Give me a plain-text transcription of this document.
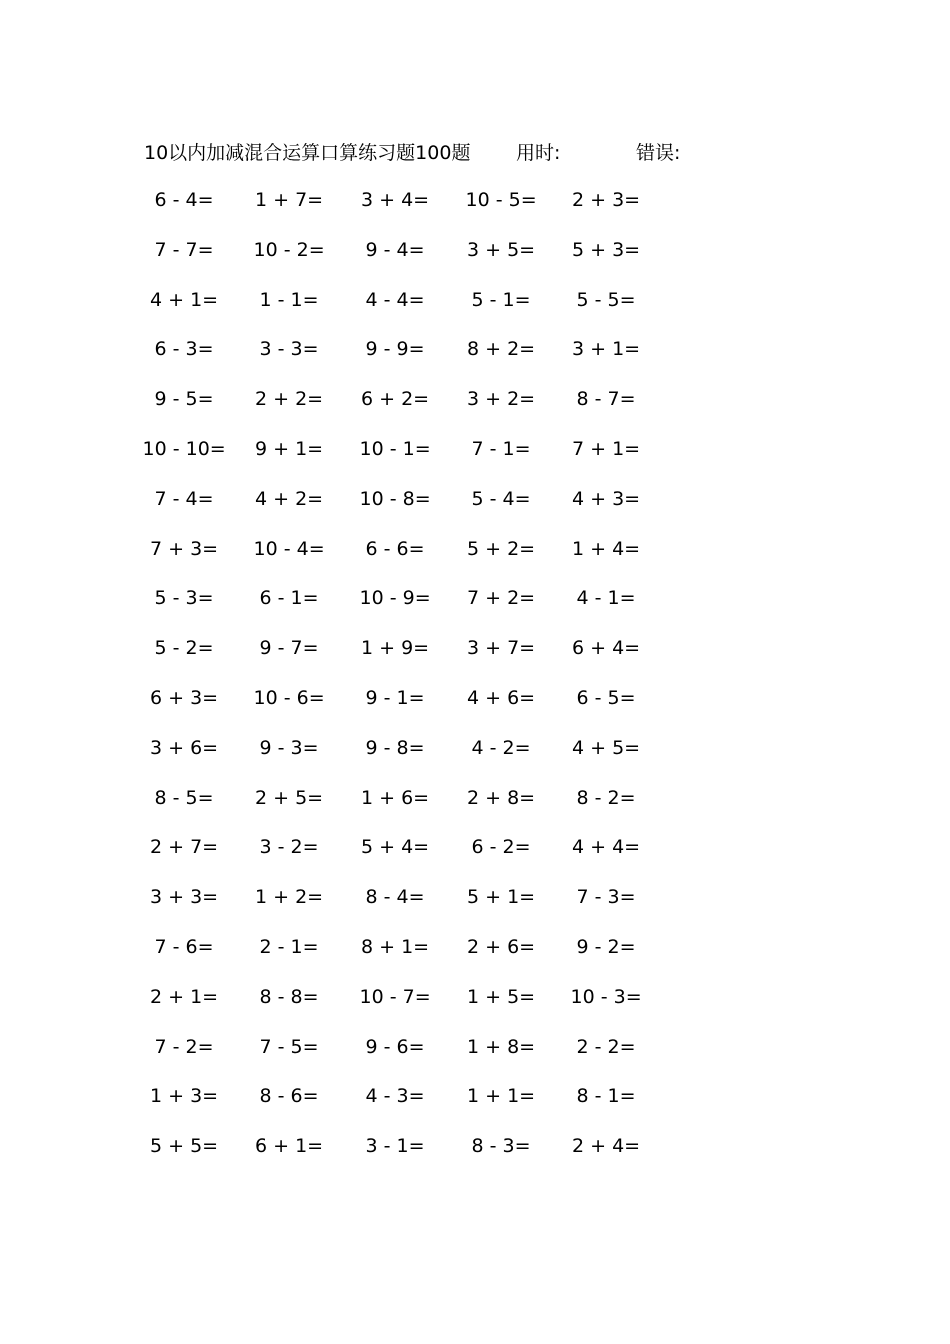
10以内加减混合运算口算练习题100题	用时:	错误:
6 - 4= 1 + 7= 3 + 4= 10 - 5= 2 + 3=
7 - 7= 10 - 2= 9 - 4= 3 + 5= 5 + 3=
4 + 1= 1 - 1= 4 - 4= 5 - 1= 5 - 5=
6 - 3= 3 - 3= 9 - 9= 8 + 2= 3 + 1=
9 - 5= 2 + 2= 6 + 2= 3 + 2= 8 - 7=
10 - 10= 9 + 1= 10 - 1= 7 - 1= 7 + 1=
7 - 4= 4 + 2= 10 - 8= 5 - 4= 4 + 3=
7 + 3= 10 - 4= 6 - 6= 5 + 2= 1 + 4=
5 - 3= 6 - 1= 10 - 9= 7 + 2= 4 - 1=
5 - 2= 9 - 7= 1 + 9= 3 + 7= 6 + 4=
6 + 3= 10 - 6= 9 - 1= 4 + 6= 6 - 5=
3 + 6= 9 - 3= 9 - 8= 4 - 2= 4 + 5=
8 - 5= 2 + 5= 1 + 6= 2 + 8= 8 - 2=
2 + 7= 3 - 2= 5 + 4= 6 - 2= 4 + 4=
3 + 3= 1 + 2= 8 - 4= 5 + 1= 7 - 3=
7 - 6= 2 - 1= 8 + 1= 2 + 6= 9 - 2=
2 + 1= 8 - 8= 10 - 7= 1 + 5= 10 - 3=
7 - 2= 7 - 5= 9 - 6= 1 + 8= 2 - 2=
1 + 3= 8 - 6= 4 - 3= 1 + 1= 8 - 1=
5 + 5= 6 + 1= 3 - 1= 8 - 3= 2 + 4=
